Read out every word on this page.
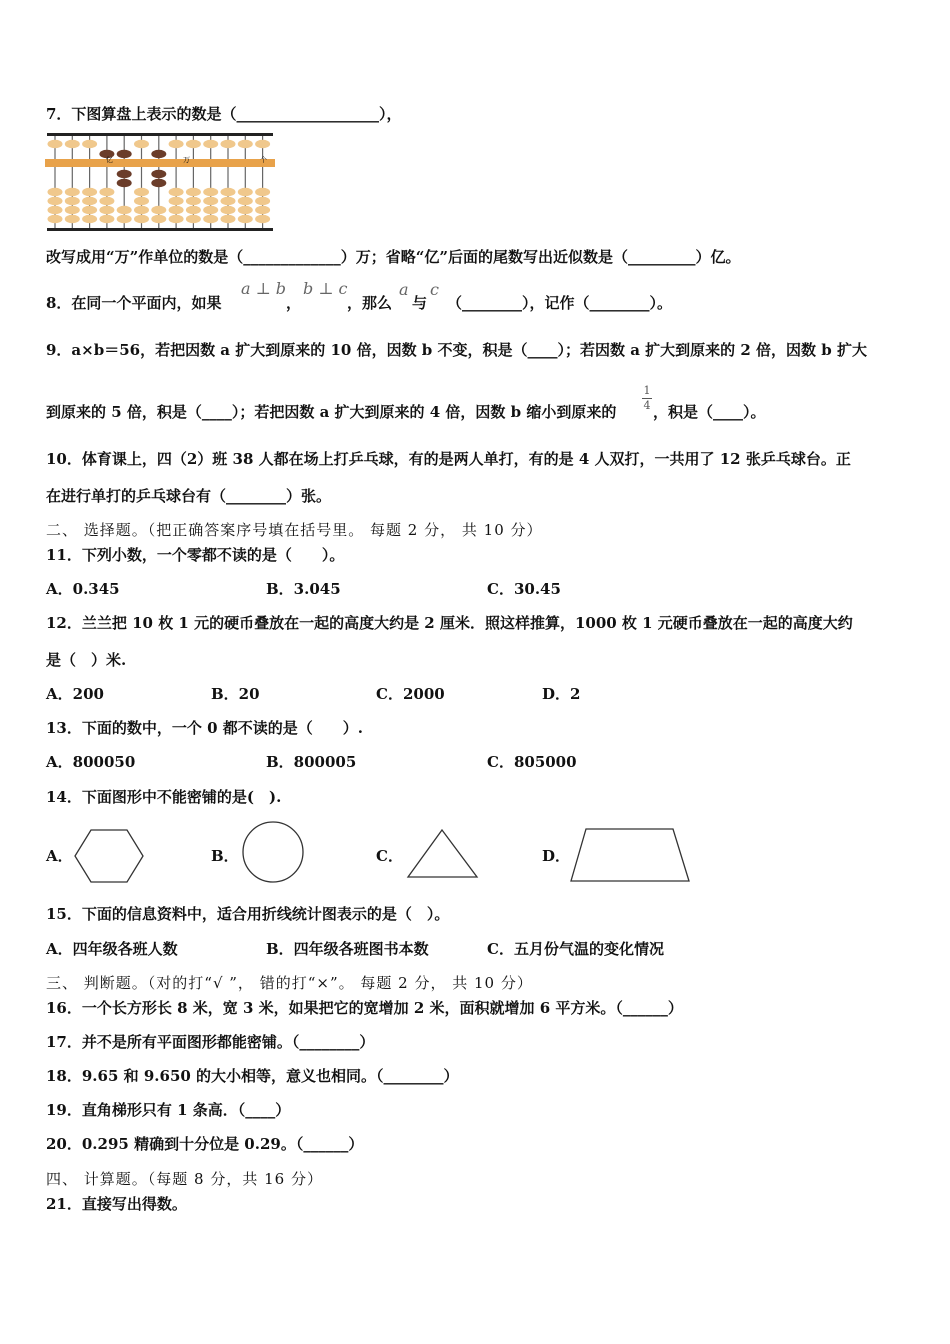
7．下图算盘上表示的数是（___________________），
亿	万	个
改写成用“万”作单位的数是（_____________）万；省略“亿”后面的尾数写出近似数是（_________）亿。
8．在同一个平面内，如果
a ⊥ b
，
b ⊥ c
，那么
a
与
c
（________），记作（________）。
9．a×b＝56，若把因数 a 扩大到原来的 10 倍，因数 b 不变，积是（____）；若因数 a 扩大到原来的 2 倍，因数 b 扩大
到原来的 5 倍，积是（____）；若把因数 a 扩大到原来的 4 倍，因数 b 缩小到原来的
1
4 ，积是（____）。
10．体育课上，四（2）班 38 人都在场上打乒乓球，有的是两人单打，有的是 4 人双打，一共用了 12 张乒乓球台。正
在进行单打的乒乓球台有（________）张。
二、 选择题。（把正确答案序号填在括号里。 每题 2 分， 共 10 分）
11．下列小数，一个零都不读的是（　　）。
A．0.345	B．3.045	C．30.45
12．兰兰把 10 枚 1 元的硬币叠放在一起的高度大约是 2 厘米．照这样推算，1000 枚 1 元硬币叠放在一起的高度大约
是（　）米.
A．200	B．20	C．2000	D．2
13．下面的数中，一个 0 都不读的是（　　）.
A．800050	B．800005	C．805000
14．下面图形中不能密铺的是(　).
A．	B．	C．	D．
15．下面的信息资料中，适合用折线统计图表示的是（　）。
A．四年级各班人数	B．四年级各班图书本数	C．五月份气温的变化情况
三、 判断题。（对的打“√ ”， 错的打“×”。 每题 2 分， 共 10 分）
16．一个长方形长 8 米，宽 3 米，如果把它的宽增加 2 米，面积就增加 6 平方米。（______）
17．并不是所有平面图形都能密铺。（________）
18．9.65 和 9.650 的大小相等，意义也相同。（________）
19．直角梯形只有 1 条高．（____）
20．0.295 精确到十分位是 0.29。（______）
四、 计算题。（每题 8 分，共 16 分）
21．直接写出得数。
